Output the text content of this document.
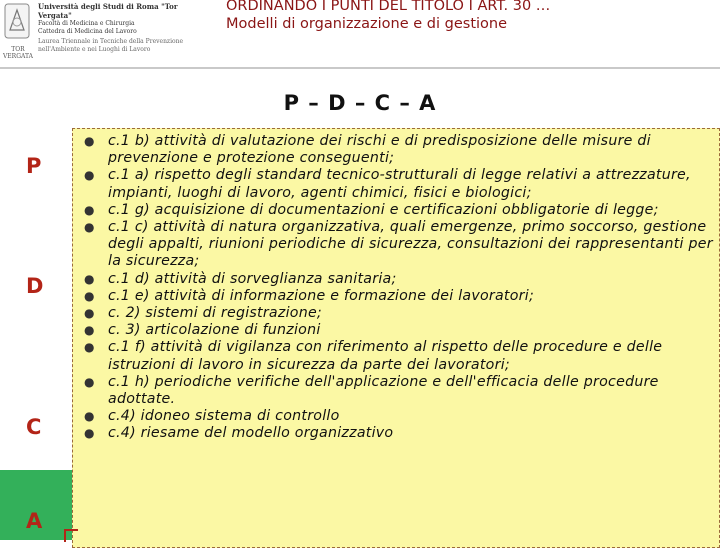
TOR VERGATA
Università degli Studi di Roma "Tor Vergata"
Facoltà di Medicina e Chirurgia
Cattedra di Medicina del Lavoro
Laurea Triennale in Tecniche della Prevenzione
nell'Ambiente e nei Luoghi di Lavoro
ORDINANDO I PUNTI DEL TITOLO I ART. 30 …
Modelli di organizzazione e di gestione
P – D – C – A
P
D
C
A
● c.1 b) attività di valutazione dei rischi e di predisposizione delle misure di prevenzione e protezione conseguenti;
● c.1 a) rispetto degli standard tecnico-strutturali di legge relativi a attrezzature, impianti, luoghi di lavoro, agenti chimici, fisici e biologici;
● c.1 g) acquisizione di documentazioni e certificazioni obbligatorie di legge;
● c.1 c) attività di natura organizzativa, quali emergenze, primo soccorso, gestione degli appalti, riunioni periodiche di sicurezza, consultazioni dei rappresentanti per la sicurezza;
● c.1 d) attività di sorveglianza sanitaria;
● c.1 e) attività di informazione e formazione dei lavoratori;
● c. 2) sistemi di registrazione;
● c. 3) articolazione di funzioni
● c.1 f) attività di vigilanza con riferimento al rispetto delle procedure e delle istruzioni di lavoro in sicurezza da parte dei lavoratori;
● c.1 h) periodiche verifiche dell'applicazione e dell'efficacia delle procedure adottate.
● c.4) idoneo sistema di controllo
● c.4) riesame del modello organizzativo
